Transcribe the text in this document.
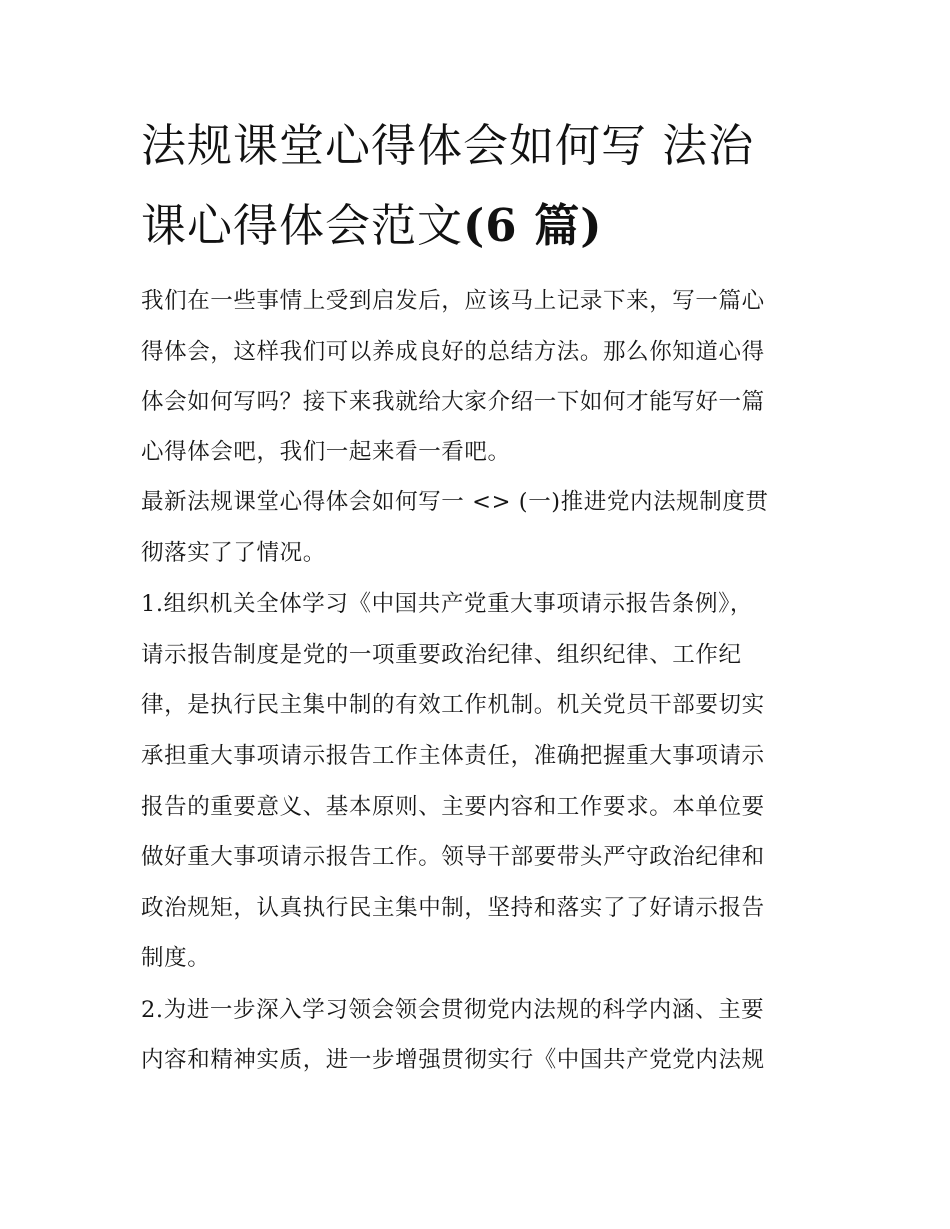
法规课堂心得体会如何写 法治
课心得体会范文(6 篇)
我们在一些事情上受到启发后，应该马上记录下来，写一篇心
得体会，这样我们可以养成良好的总结方法。那么你知道心得
体会如何写吗？接下来我就给大家介绍一下如何才能写好一篇
心得体会吧，我们一起来看一看吧。
最新法规课堂心得体会如何写一 <> (一)推进党内法规制度贯
彻落实了了情况。
1.组织机关全体学习《中国共产党重大事项请示报告条例》，
请示报告制度是党的一项重要政治纪律、组织纪律、工作纪
律，是执行民主集中制的有效工作机制。机关党员干部要切实
承担重大事项请示报告工作主体责任，准确把握重大事项请示
报告的重要意义、基本原则、主要内容和工作要求。本单位要
做好重大事项请示报告工作。领导干部要带头严守政治纪律和
政治规矩，认真执行民主集中制，坚持和落实了了好请示报告
制度。
2.为进一步深入学习领会领会贯彻党内法规的科学内涵、主要
内容和精神实质，进一步增强贯彻实行《中国共产党党内法规
